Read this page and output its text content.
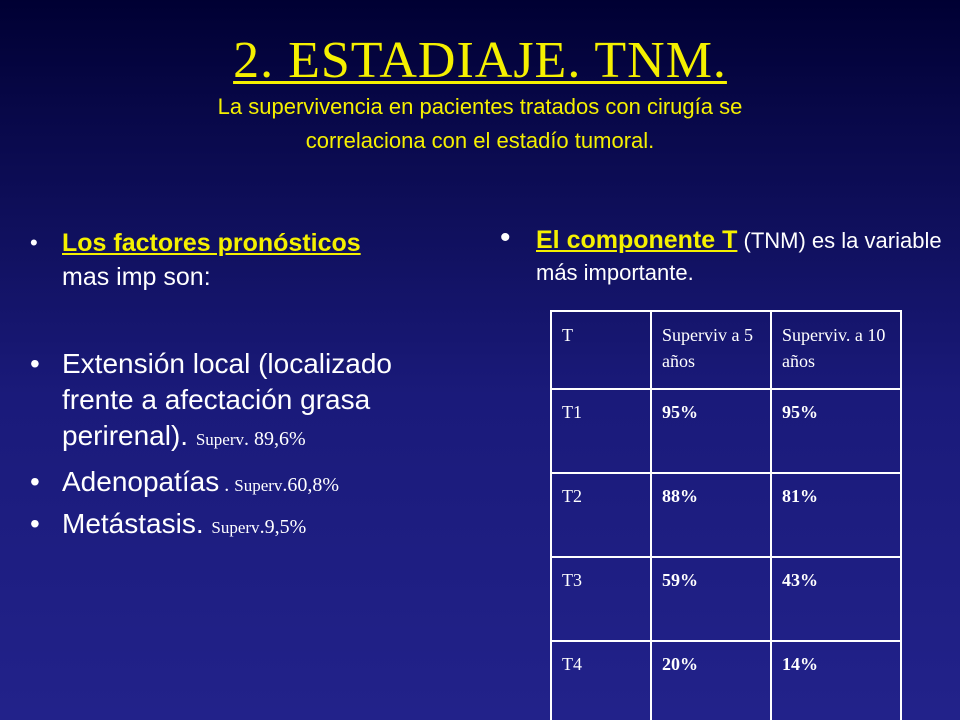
2. ESTADIAJE. TNM.
La supervivencia en pacientes tratados con cirugía se
correlaciona con el estadío tumoral.
• Los factores pronósticos
mas imp son:
• Extensión local (localizado frente a afectación grasa perirenal). Superv. 89,6%
• Adenopatías . Superv.60,8%
• Metástasis. Superv.9,5%
• El componente T (TNM) es la variable más importante.
T	Superviv a 5 años	Superviv. a 10 años
T1	95%	95%
T2	88%	81%
T3	59%	43%
T4	20%	14%
